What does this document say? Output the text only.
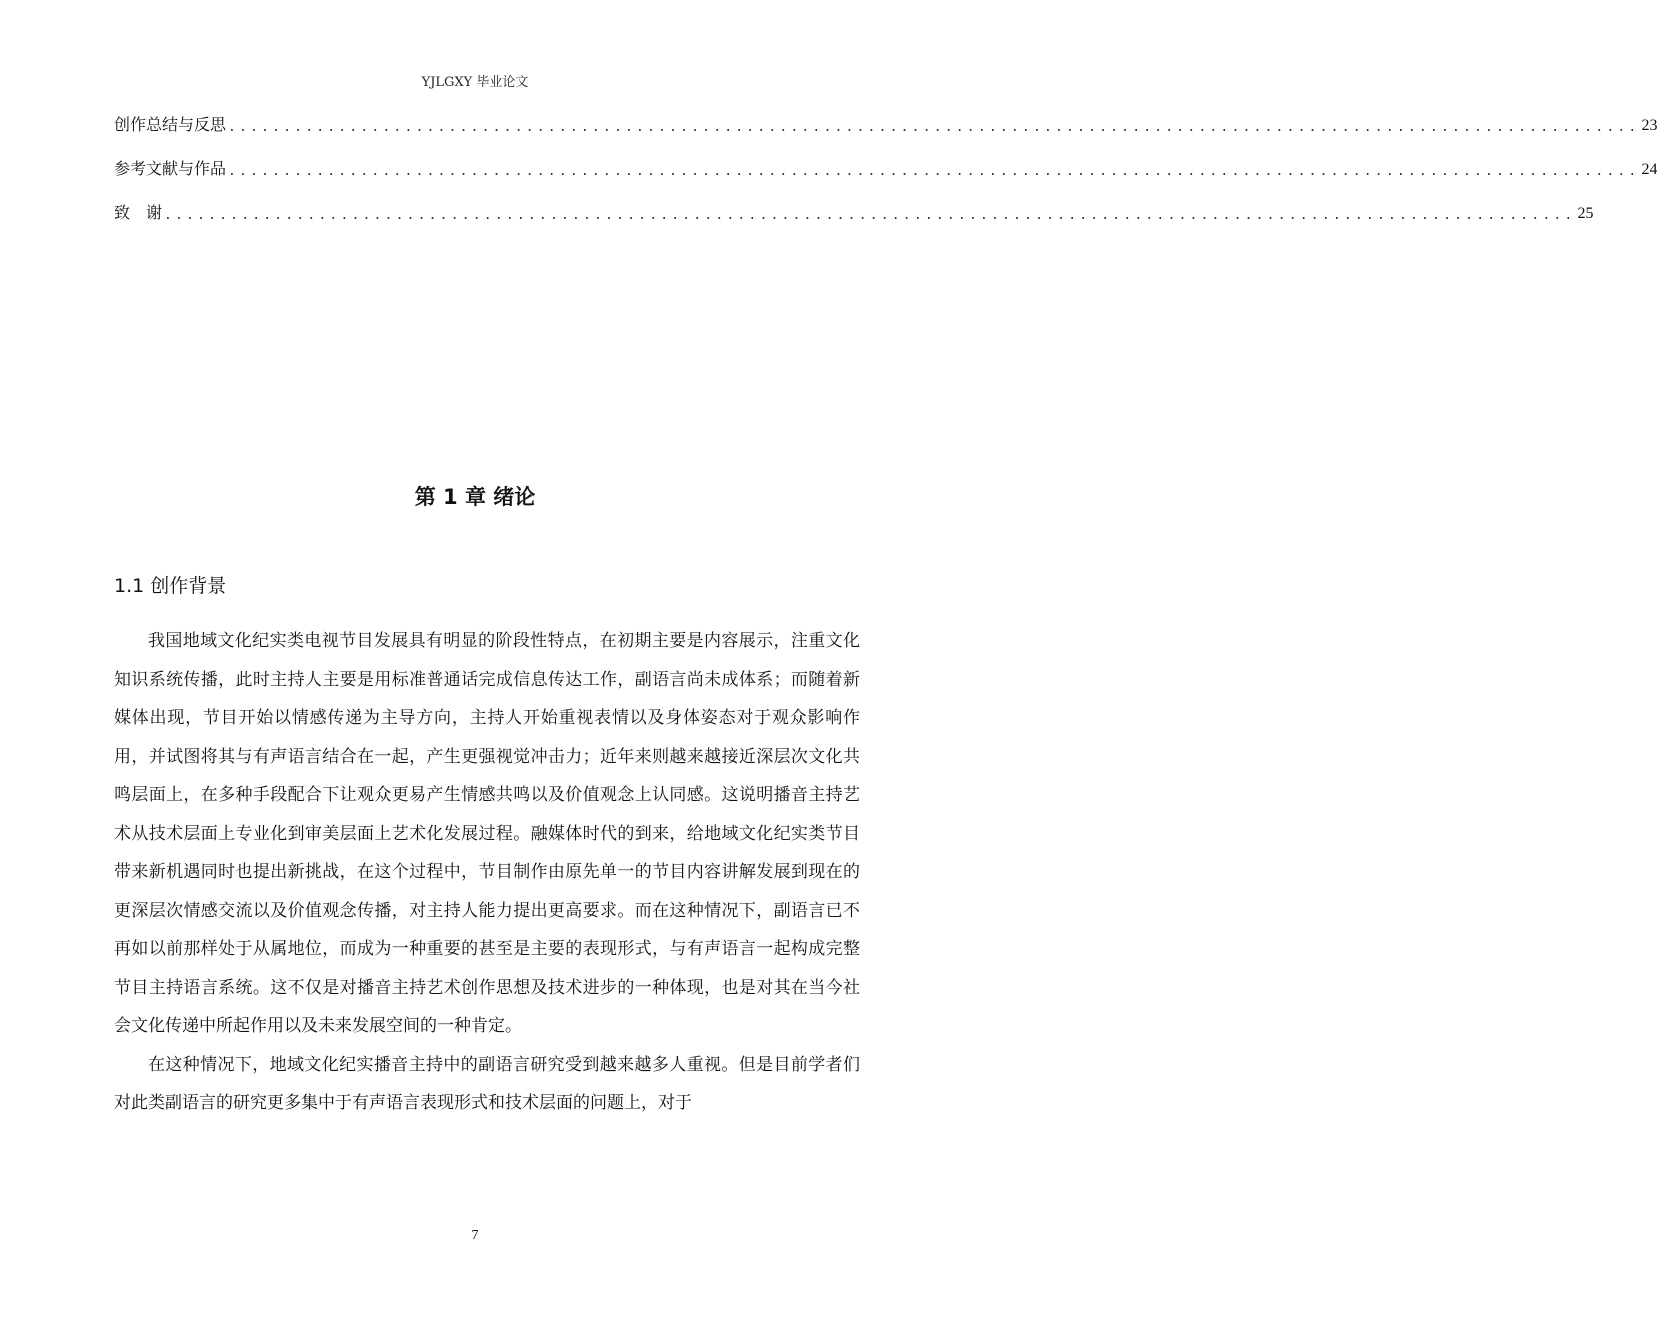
YJLGXY 毕业论文
创作总结与反思 ................................................................................................................................ 23
参考文献与作品 ................................................................................................................................ 24
致　谢 ................................................................................................................................ 25
第 1 章 绪论
1.1 创作背景

我国地域文化纪实类电视节目发展具有明显的阶段性特点，在初期主要是内容展示，注重文化知识系统传播，此时主持人主要是用标准普通话完成信息传达工作，副语言尚未成体系；而随着新媒体出现，节目开始以情感传递为主导方向，主持人开始重视表情以及身体姿态对于观众影响作用，并试图将其与有声语言结合在一起，产生更强视觉冲击力；近年来则越来越接近深层次文化共鸣层面上，在多种手段配合下让观众更易产生情感共鸣以及价值观念上认同感。这说明播音主持艺术从技术层面上专业化到审美层面上艺术化发展过程。融媒体时代的到来，给地域文化纪实类节目带来新机遇同时也提出新挑战，在这个过程中，节目制作由原先单一的节目内容讲解发展到现在的更深层次情感交流以及价值观念传播，对主持人能力提出更高要求。而在这种情况下，副语言已不再如以前那样处于从属地位，而成为一种重要的甚至是主要的表现形式，与有声语言一起构成完整节目主持语言系统。这不仅是对播音主持艺术创作思想及技术进步的一种体现，也是对其在当今社会文化传递中所起作用以及未来发展空间的一种肯定。

在这种情况下，地域文化纪实播音主持中的副语言研究受到越来越多人重视。但是目前学者们对此类副语言的研究更多集中于有声语言表现形式和技术层面的问题上，对于

7
